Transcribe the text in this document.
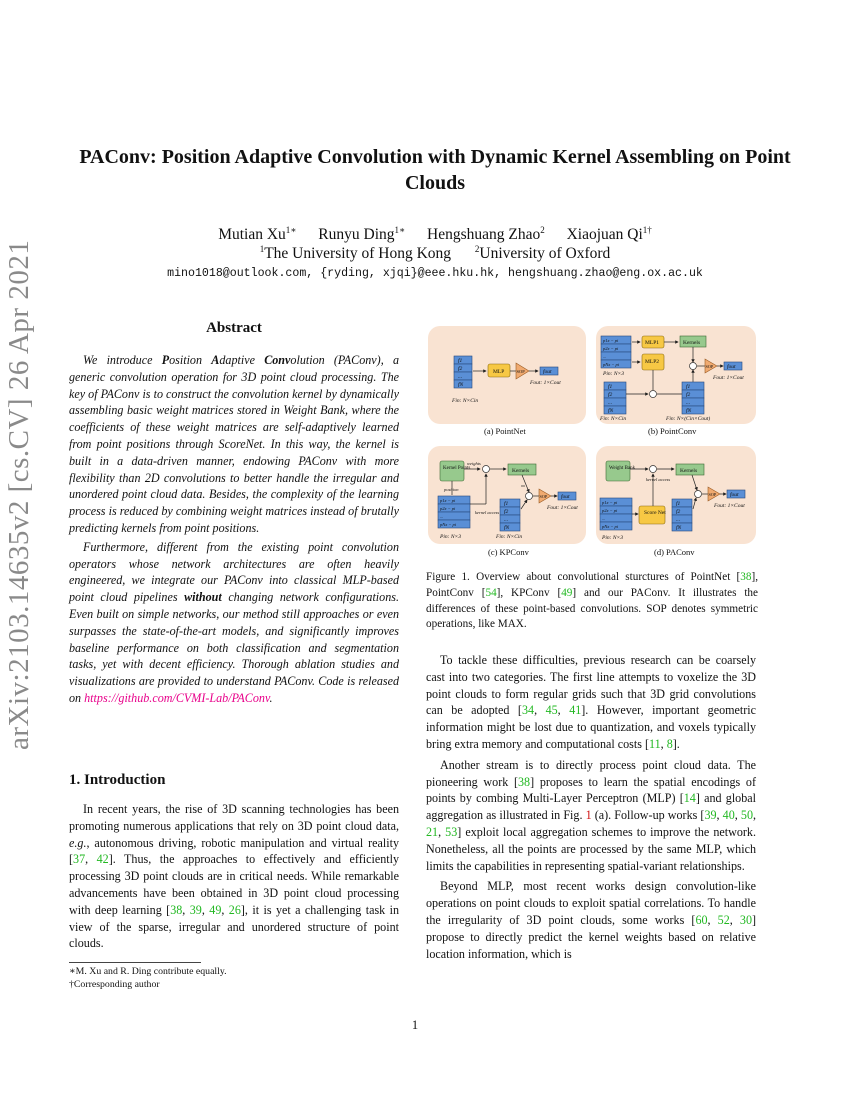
arXiv:2103.14635v2 [cs.CV] 26 Apr 2021
PAConv: Position Adaptive Convolution with Dynamic Kernel Assembling on Point Clouds
Mutian $Xu^{1∗}$ Runyu Ding$^{1∗}$ Hengshuang Zhao$^2$ Xiaojuan $Qi^{1\dagger}$
$^1$The University of Hong Kong	$^2$University of Oxford
mino1018@outlook.com, {ryding, xjqi}@eee.hku.hk, hengshuang.zhao@eng.ox.ac.uk
Abstract

We introduce Position Adaptive Convolution (PAConv), a generic convolution operation for 3D point cloud processing. The key of PAConv is to construct the convolution kernel by dynamically assembling basic weight matrices stored in Weight Bank, where the coefficients of these weight matrices are self-adaptively learned from point positions through ScoreNet. In this way, the kernel is built in a data-driven manner, endowing PAConv with more flexibility than 2D convolutions to better handle the irregular and unordered point cloud data. Besides, the complexity of the learning process is reduced by combining weight matrices instead of brutally predicting kernels from point positions.

Furthermore, different from the existing point convolution operators whose network architectures are often heavily engineered, we integrate our PAConv into classical MLP-based point cloud pipelines without changing network configurations. Even built on simple networks, our method still approaches or even surpasses the state-of-the-art models, and significantly improves baseline performance on both classification and segmentation tasks, yet with decent efficiency. Thorough ablation studies and visualizations are provided to understand PAConv. Code is released on https://github.com/CVMI-Lab/PAConv.

1. Introduction

In recent years, the rise of 3D scanning technologies has been promoting numerous applications that rely on 3D point cloud data, e.g., autonomous driving, robotic manipulation and virtual reality [37, 42]. Thus, the approaches to effectively and efficiently processing 3D point clouds are in critical needs. While remarkable advancements have been obtained in 3D point cloud processing with deep learning [38, 39, 49, 26], it is yet a challenging task in view of the sparse, irregular and unordered structure of point clouds.

∗M. Xu and R. Ding contribute equally.
†Corresponding author
f1
f2
...
fN
MLP	SOP	fout
Fout: 1×Cout
Fin: N×Cin
(a) PointNet
p1x − pi
p2x − pi
...
pNx − pi
Pin: N×3
MLP1
MLP2
Kernels
SOP	fout
Fout: 1×Cout
f1
f2
...
fN
f1
f2
...
fN
Fin: N×Cin	Fin: N×(Cin×Cout)
(b) PointConv
Kernel Points
weights
Kernels
position
p1x − pi
p2x − pi
...
pNx − pi
Pin: N×3
kernel access
f1
f2
...
fN
Fin: N×Cin
SOP	fout
Fout: 1×Cout
(c) KPConv
Weight Bank	Kernels
kernel access
p1x − pi
p2x − pi
...
pNx − pi
Pin: N×3
Score Net
f1
f2
...
fN
SOP	fout
Fout: 1×Cout
(d) PAConv
Figure 1. Overview about convolutional sturctures of PointNet [38], PointConv [54], KPConv [49] and our PAConv. It illustrates the differences of these point-based convolutions. SOP denotes symmetric operations, like MAX.

To tackle these difficulties, previous research can be coarsely cast into two categories. The first line attempts to voxelize the 3D point clouds to form regular grids such that 3D grid convolutions can be adopted [34, 45, 41]. However, important geometric information might be lost due to quantization, and voxels typically bring extra memory and computational costs [11, 8].

Another stream is to directly process point cloud data. The pioneering work [38] proposes to learn the spatial encodings of points by combing Multi-Layer Perceptron (MLP) [14] and global aggregation as illustrated in Fig. 1 (a). Follow-up works [39, 40, 50, 21, 53] exploit local aggregation schemes to improve the network. Nonetheless, all the points are processed by the same MLP, which limits the capabilities in representing spatial-variant relationships.

Beyond MLP, most recent works design convolution-like operations on point clouds to exploit spatial correlations. To handle the irregularity of 3D point clouds, some works [60, 52, 30] propose to directly predict the kernel weights based on relative location information, which is

1
